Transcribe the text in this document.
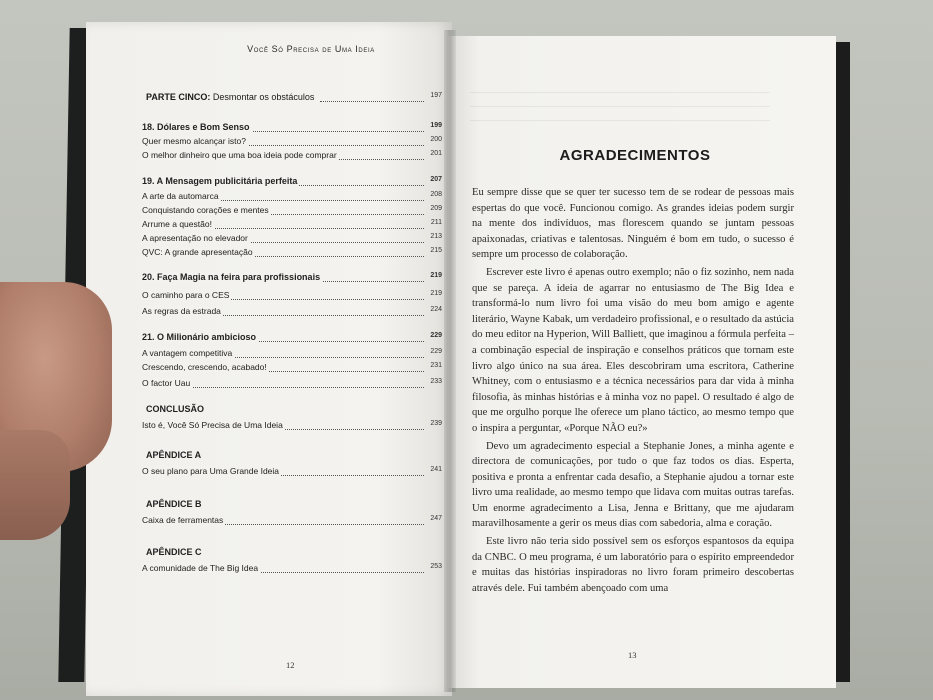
Você Só Precisa de Uma Ideia
PARTE CINCO: Desmontar os obstáculos	197
18. Dólares e Bom Senso	199
Quer mesmo alcançar isto?	200
O melhor dinheiro que uma boa ideia pode comprar	201
19. A Mensagem publicitária perfeita	207
A arte da automarca	208
Conquistando corações e mentes	209
Arrume a questão!	211
A apresentação no elevador	213
QVC: A grande apresentação	215
20. Faça Magia na feira para profissionais	219
O caminho para o CES	219
As regras da estrada	224
21. O Milionário ambicioso	229
A vantagem competitiva	229
Crescendo, crescendo, acabado!	231
O factor Uau	233
CONCLUSÃO
Isto é, Você Só Precisa de Uma Ideia	239
APÊNDICE A
O seu plano para Uma Grande Ideia	241
APÊNDICE B
Caixa de ferramentas	247
APÊNDICE C
A comunidade de The Big Idea	253
12
AGRADECIMENTOS

Eu sempre disse que se quer ter sucesso tem de se rodear de pessoas mais espertas do que você. Funcionou comigo. As grandes ideias podem surgir na mente dos indivíduos, mas florescem quando se juntam pessoas apaixonadas, criativas e talentosas. Ninguém é bom em tudo, o sucesso é sempre um processo de colaboração.

Escrever este livro é apenas outro exemplo; não o fiz sozinho, nem nada que se pareça. A ideia de agarrar no entusiasmo de The Big Idea e transformá-lo num livro foi uma visão do meu bom amigo e agente literário, Wayne Kabak, um verdadeiro profissional, e o resultado da astúcia do meu editor na Hyperion, Will Balliett, que imaginou a fórmula perfeita – a combinação especial de inspiração e conselhos práticos que tornam este livro algo único na sua área. Eles descobriram uma escritora, Catherine Whitney, com o entusiasmo e a técnica necessários para dar vida à minha filosofia, às minhas histórias e à minha voz no papel. O resultado é algo de que me orgulho porque lhe oferece um plano táctico, ao mesmo tempo que o inspira a perguntar, «Porque NÃO eu?»

Devo um agradecimento especial a Stephanie Jones, a minha agente e directora de comunicações, por tudo o que faz todos os dias. Esperta, positiva e pronta a enfrentar cada desafio, a Stephanie ajudou a tornar este livro uma realidade, ao mesmo tempo que lidava com muitas outras tarefas. Um enorme agradecimento a Lisa, Jenna e Brittany, que me ajudaram maravilhosamente a gerir os meus dias com sabedoria, alma e coração.

Este livro não teria sido possível sem os esforços espantosos da equipa da CNBC. O meu programa, é um laboratório para o espírito empreendedor e muitas das histórias inspiradoras no livro foram primeiro descobertas através dele. Fui também abençoado com uma

13
